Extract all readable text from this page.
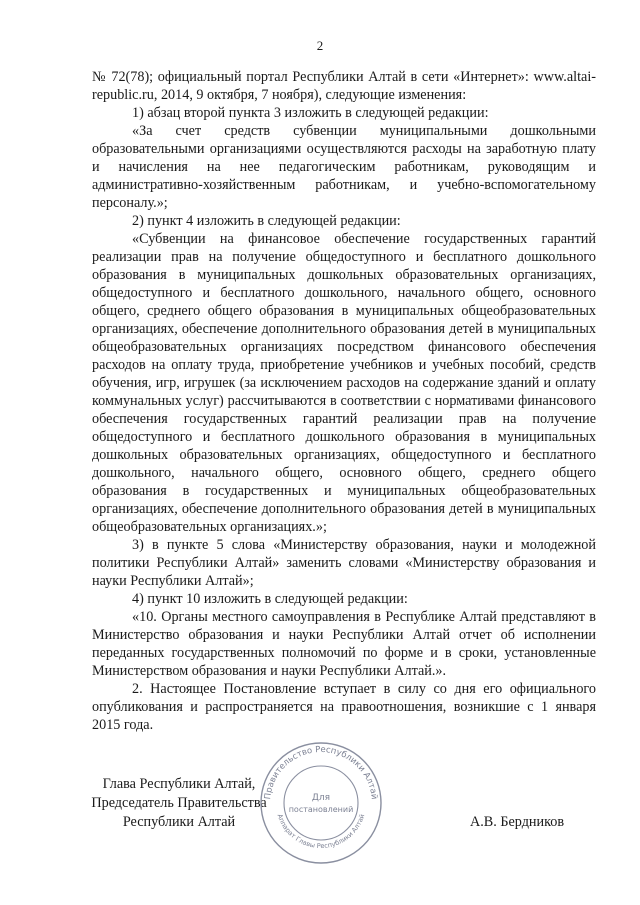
2

№ 72(78); официальный портал Республики Алтай в сети «Интернет»: www.altai-republic.ru, 2014, 9 октября, 7 ноября), следующие изменения:

1) абзац второй пункта 3 изложить в следующей редакции:

«За счет средств субвенции муниципальными дошкольными образовательными организациями осуществляются расходы на заработную плату и начисления на нее педагогическим работникам, руководящим и административно-хозяйственным работникам, и учебно-вспомогательному персоналу.»;

2) пункт 4 изложить в следующей редакции:

«Субвенции на финансовое обеспечение государственных гарантий реализации прав на получение общедоступного и бесплатного дошкольного образования в муниципальных дошкольных образовательных организациях, общедоступного и бесплатного дошкольного, начального общего, основного общего, среднего общего образования в муниципальных общеобразовательных организациях, обеспечение дополнительного образования детей в муниципальных общеобразовательных организациях посредством финансового обеспечения расходов на оплату труда, приобретение учебников и учебных пособий, средств обучения, игр, игрушек (за исключением расходов на содержание зданий и оплату коммунальных услуг) рассчитываются в соответствии с нормативами финансового обеспечения государственных гарантий реализации прав на получение общедоступного и бесплатного дошкольного образования в муниципальных дошкольных образовательных организациях, общедоступного и бесплатного дошкольного, начального общего, основного общего, среднего общего образования в государственных и муниципальных общеобразовательных организациях, обеспечение дополнительного образования детей в муниципальных общеобразовательных организациях.»;

3) в пункте 5 слова «Министерству образования, науки и молодежной политики Республики Алтай» заменить словами «Министерству образования и науки Республики Алтай»;

4) пункт 10 изложить в следующей редакции:

«10. Органы местного самоуправления в Республике Алтай представляют в Министерство образования и науки Республики Алтай отчет об исполнении переданных государственных полномочий по форме и в сроки, установленные Министерством образования и науки Республики Алтай.».

2. Настоящее Постановление вступает в силу со дня его официального опубликования и распространяется на правоотношения, возникшие с 1 января 2015 года.

Глава Республики Алтай,
Председатель Правительства
Республики Алтай
Правительство Республики Алтай
Аппарат Главы Республики Алтай
Для
постановлений
А.В. Бердников
